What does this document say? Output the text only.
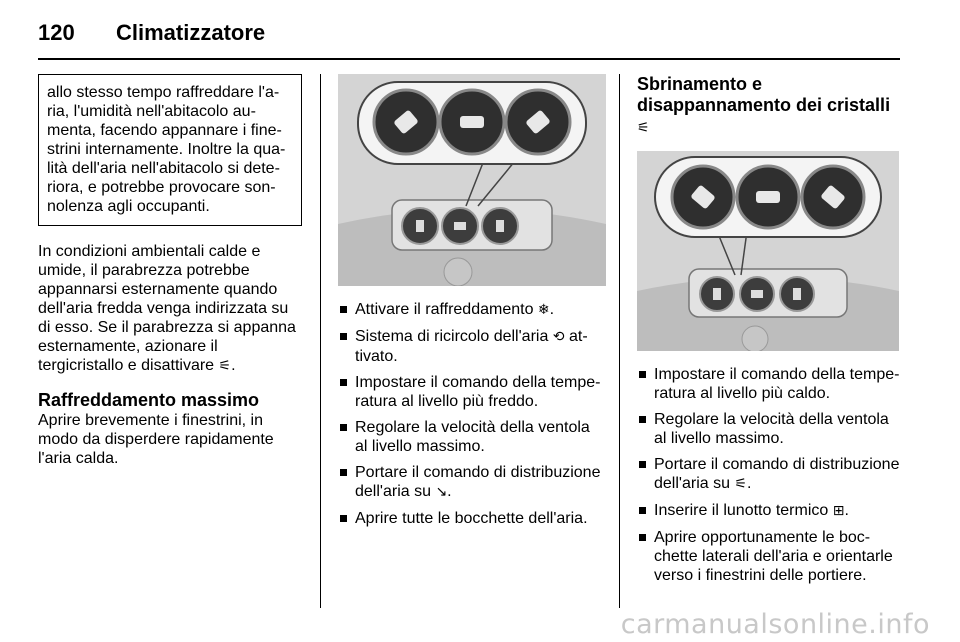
120 Climatizzatore
allo stesso tempo raffreddare l'aria, l'umidità nell'abitacolo aumenta, facendo appannare i finestrini internamente. Inoltre la qualità dell'aria nell'abitacolo si deteriora, e potrebbe provocare sonnolenza agli occupanti.
In condizioni ambientali calde e umide, il parabrezza potrebbe appannarsi esternamente quando dell'aria fredda venga indirizzata su di esso. Se il parabrezza si appanna esternamente, azionare il tergicristallo e disattivare ⚟.
Raffreddamento massimo
Aprire brevemente i finestrini, in modo da disperdere rapidamente l'aria calda.
Attivare il raffreddamento ❄.
Sistema di ricircolo dell'aria ⟲ attivato.
Impostare il comando della temperatura al livello più freddo.
Regolare la velocità della ventola al livello massimo.
Portare il comando di distribuzione dell'aria su ↘.
Aprire tutte le bocchette dell'aria.
Sbrinamento e disappannamento dei cristalli ⚟
Impostare il comando della temperatura al livello più caldo.
Regolare la velocità della ventola al livello massimo.
Portare il comando di distribuzione dell'aria su ⚟.
Inserire il lunotto termico ⊞.
Aprire opportunamente le bocchette laterali dell'aria e orientarle verso i finestrini delle portiere.
carmanualsonline.info
